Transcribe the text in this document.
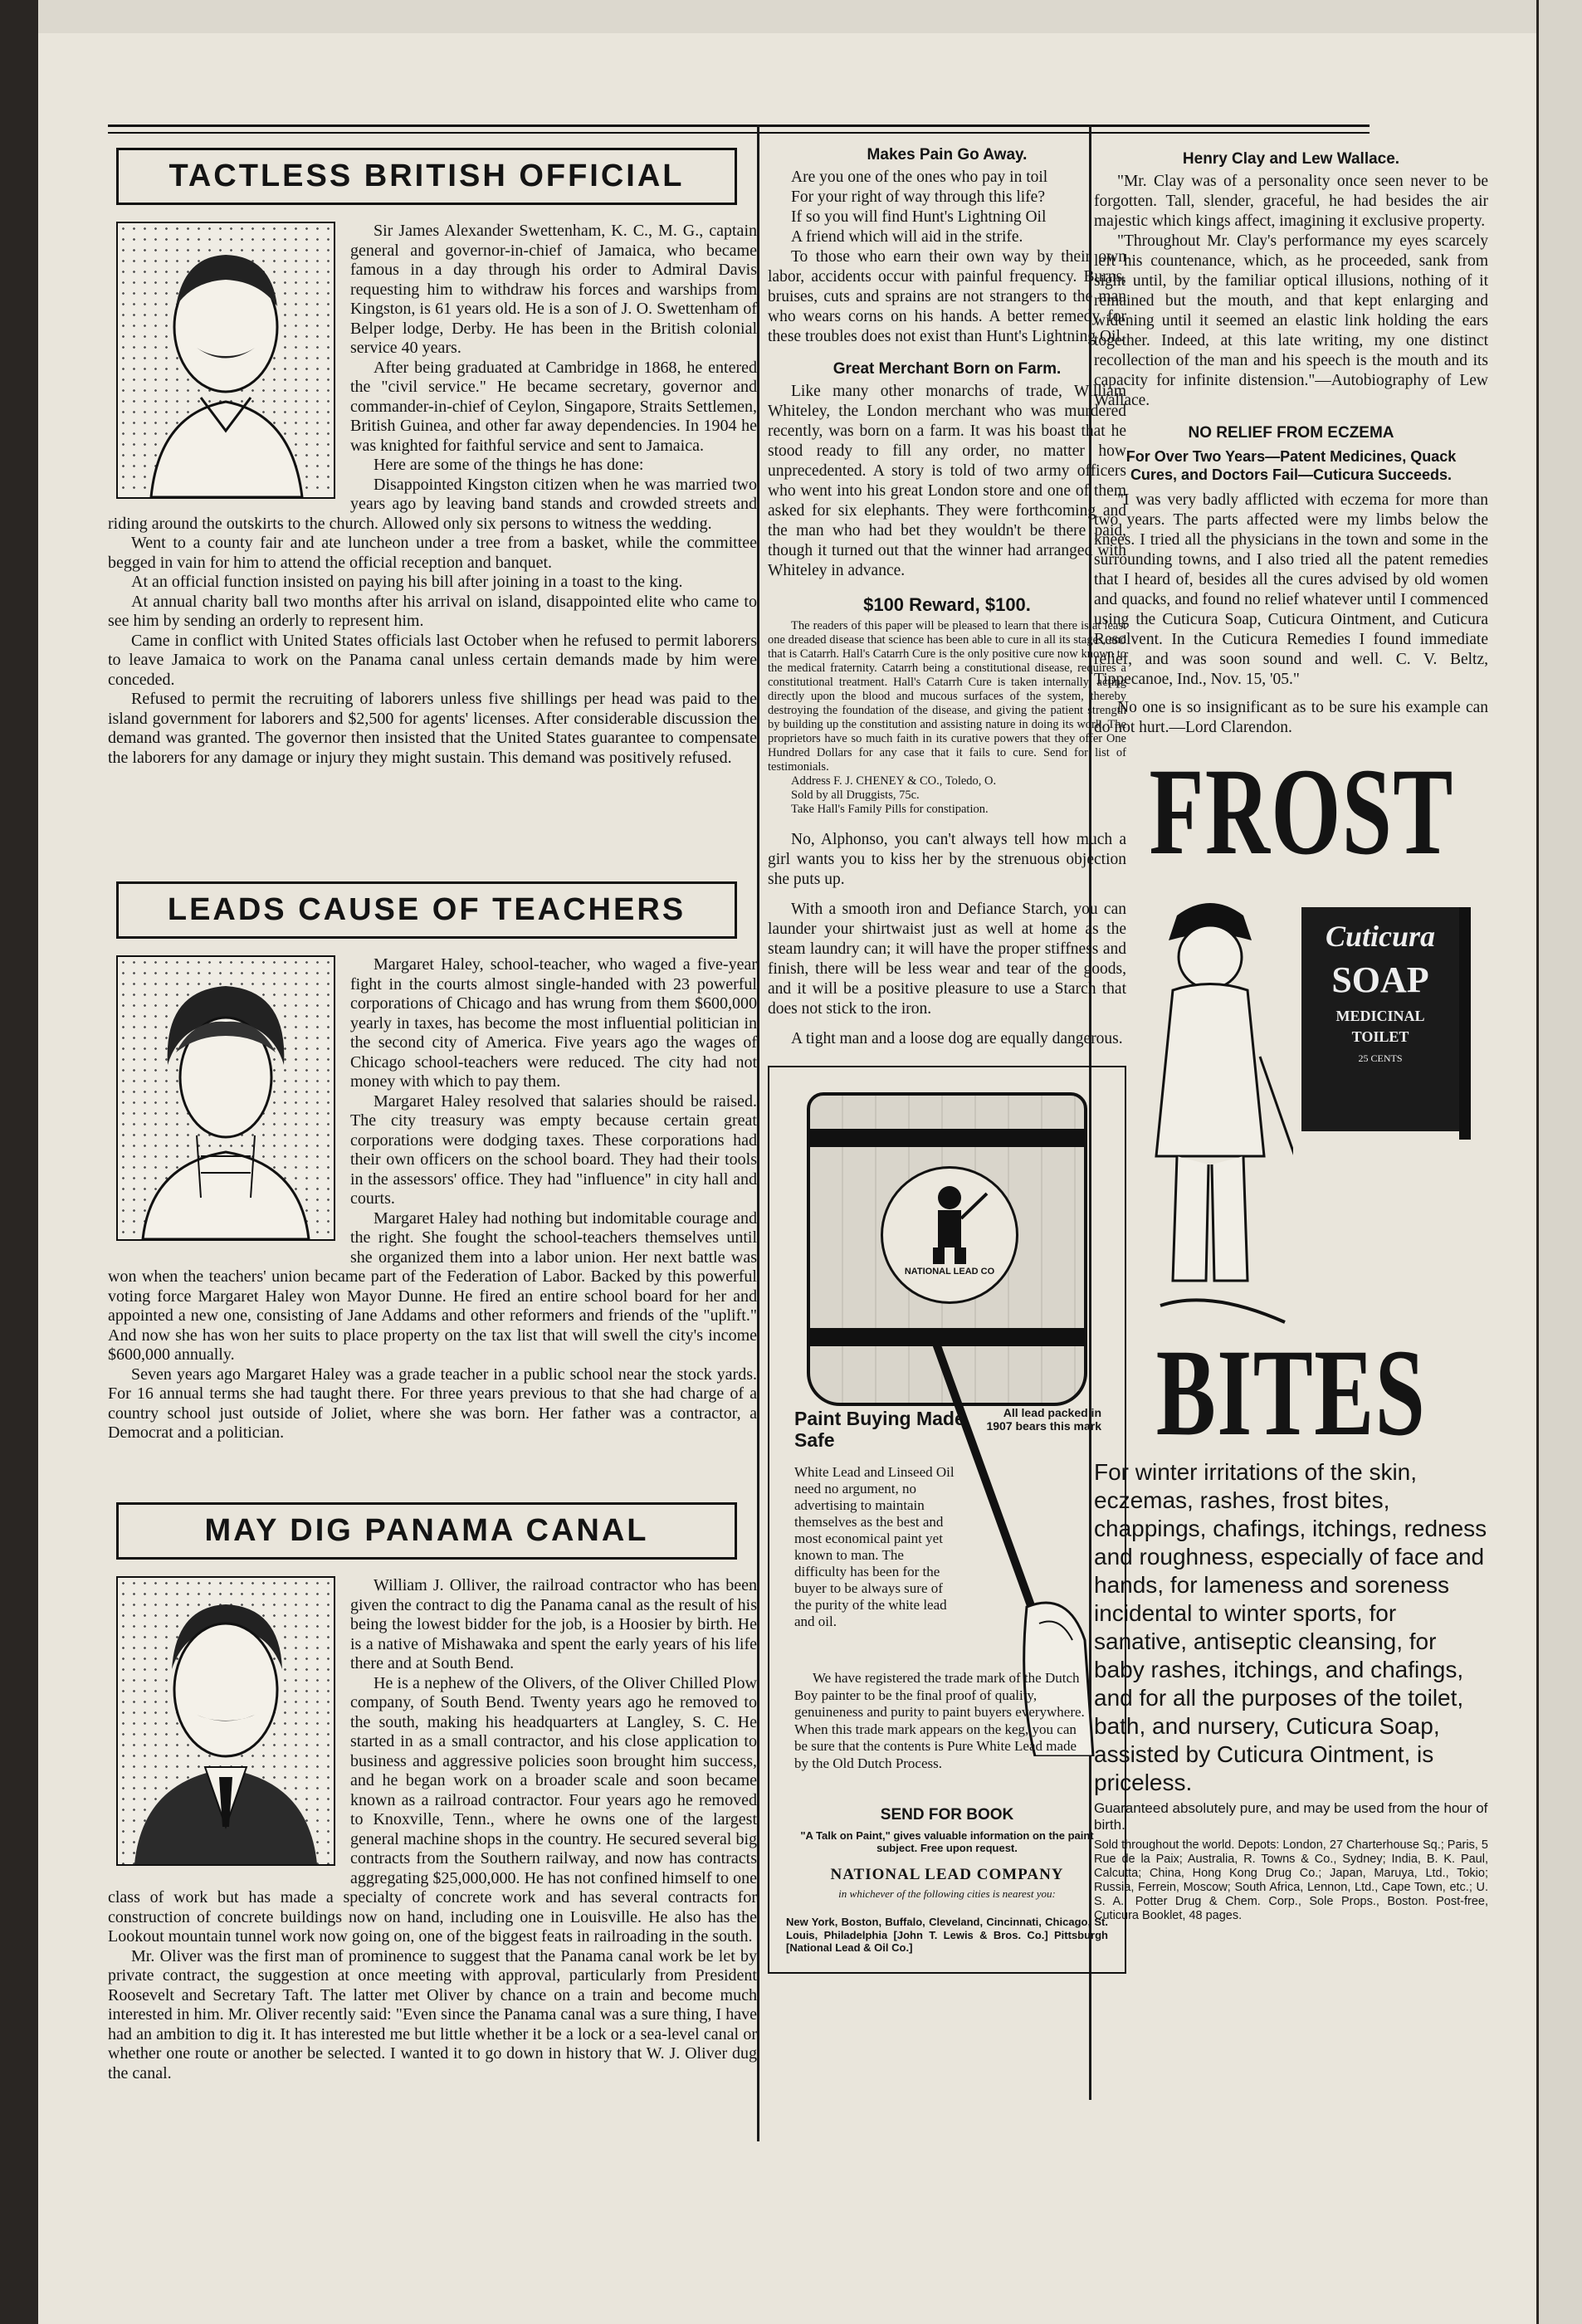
TACTLESS BRITISH OFFICIAL

Sir James Alexander Swettenham, K. C., M. G., captain general and governor-in-chief of Jamaica, who became famous in a day through his order to Admiral Davis requesting him to withdraw his forces and warships from Kingston, is 61 years old. He is a son of J. O. Swettenham of Belper lodge, Derby. He has been in the British colonial service 40 years.

After being graduated at Cambridge in 1868, he entered the "civil service." He became secretary, governor and commander-in-chief of Ceylon, Singapore, Straits Settlemen, British Guinea, and other far away dependencies. In 1904 he was knighted for faithful service and sent to Jamaica.

Here are some of the things he has done:

Disappointed Kingston citizen when he was married two years ago by leaving band stands and crowded streets and riding around the outskirts to the church. Allowed only six persons to witness the wedding.

Went to a county fair and ate luncheon under a tree from a basket, while the committee begged in vain for him to attend the official reception and banquet.

At an official function insisted on paying his bill after joining in a toast to the king.

At annual charity ball two months after his arrival on island, disappointed elite who came to see him by sending an orderly to represent him.

Came in conflict with United States officials last October when he refused to permit laborers to leave Jamaica to work on the Panama canal unless certain demands made by him were conceded.

Refused to permit the recruiting of laborers unless five shillings per head was paid to the island government for laborers and $2,500 for agents' licenses. After considerable discussion the demand was granted. The governor then insisted that the United States guarantee to compensate the laborers for any damage or injury they might sustain. This demand was positively refused.

LEADS CAUSE OF TEACHERS

Margaret Haley, school-teacher, who waged a five-year fight in the courts almost single-handed with 23 powerful corporations of Chicago and has wrung from them $600,000 yearly in taxes, has become the most influential politician in the second city of America. Five years ago the wages of Chicago school-teachers were reduced. The city had not money with which to pay them.

Margaret Haley resolved that salaries should be raised. The city treasury was empty because certain great corporations were dodging taxes. These corporations had their own officers on the school board. They had their tools in the assessors' office. They had "influence" in city hall and courts.

Margaret Haley had nothing but indomitable courage and the right. She fought the school-teachers themselves until she organized them into a labor union. Her next battle was won when the teachers' union became part of the Federation of Labor. Backed by this powerful voting force Margaret Haley won Mayor Dunne. He fired an entire school board for her and appointed a new one, consisting of Jane Addams and other reformers and friends of the "uplift." And now she has won her suits to place property on the tax list that will swell the city's income $600,000 annually.

Seven years ago Margaret Haley was a grade teacher in a public school near the stock yards. For 16 annual terms she had taught there. For three years previous to that she had charge of a country school just outside of Joliet, where she was born. Her father was a contractor, a Democrat and a politician.

MAY DIG PANAMA CANAL

William J. Olliver, the railroad contractor who has been given the contract to dig the Panama canal as the result of his being the lowest bidder for the job, is a Hoosier by birth. He is a native of Mishawaka and spent the early years of his life there and at South Bend.

He is a nephew of the Olivers, of the Oliver Chilled Plow company, of South Bend. Twenty years ago he removed to the south, making his headquarters at Langley, S. C. He started in as a small contractor, and his close application to business and aggressive policies soon brought him success, and he began work on a broader scale and soon became known as a railroad contractor. Four years ago he removed to Knoxville, Tenn., where he owns one of the largest general machine shops in the country. He secured several big contracts from the Southern railway, and now has contracts aggregating $25,000,000. He has not confined himself to one class of work but has made a specialty of concrete work and has several contracts for construction of concrete buildings now on hand, including one in Louisville. He also has the Lookout mountain tunnel work now going on, one of the biggest feats in railroading in the south.

Mr. Oliver was the first man of prominence to suggest that the Panama canal work be let by private contract, the suggestion at once meeting with approval, particularly from President Roosevelt and Secretary Taft. The latter met Oliver by chance on a train and become much interested in him. Mr. Oliver recently said: "Even since the Panama canal was a sure thing, I have had an ambition to dig it. It has interested me but little whether it be a lock or a sea-level canal or whether one route or another be selected. I wanted it to go down in history that W. J. Oliver dug the canal.

Makes Pain Go Away.

Are you one of the ones who pay in toil

For your right of way through this life?

If so you will find Hunt's Lightning Oil

A friend which will aid in the strife.

To those who earn their own way by their own labor, accidents occur with painful frequency. Burns, bruises, cuts and sprains are not strangers to the man who wears corns on his hands. A better remedy for these troubles does not exist than Hunt's Lightning Oil.

Great Merchant Born on Farm.

Like many other monarchs of trade, William Whiteley, the London merchant who was murdered recently, was born on a farm. It was his boast that he stood ready to fill any order, no matter how unprecedented. A story is told of two army officers who went into his great London store and one of them asked for six elephants. They were forthcoming and the man who had bet they wouldn't be there paid, though it turned out that the winner had arranged with Whiteley in advance.

$100 Reward, $100.

The readers of this paper will be pleased to learn that there is at least one dreaded disease that science has been able to cure in all its stages, and that is Catarrh. Hall's Catarrh Cure is the only positive cure now known to the medical fraternity. Catarrh being a constitutional disease, requires a constitutional treatment. Hall's Catarrh Cure is taken internally, acting directly upon the blood and mucous surfaces of the system, thereby destroying the foundation of the disease, and giving the patient strength by building up the constitution and assisting nature in doing its work. The proprietors have so much faith in its curative powers that they offer One Hundred Dollars for any case that it fails to cure. Send for list of testimonials.

Address F. J. CHENEY & CO., Toledo, O.

Sold by all Druggists, 75c.

Take Hall's Family Pills for constipation.

No, Alphonso, you can't always tell how much a girl wants you to kiss her by the strenuous objection she puts up.

With a smooth iron and Defiance Starch, you can launder your shirtwaist just as well at home as the steam laundry can; it will have the proper stiffness and finish, there will be less wear and tear of the goods, and it will be a positive pleasure to use a Starch that does not stick to the iron.

A tight man and a loose dog are equally dangerous.

NATIONAL LEAD CO
All lead packed in 1907 bears this mark
Paint Buying Made Safe
White Lead and Linseed Oil need no argument, no advertising to maintain themselves as the best and most economical paint yet known to man. The difficulty has been for the buyer to be always sure of the purity of the white lead and oil.
We have registered the trade mark of the Dutch Boy painter to be the final proof of quality, genuineness and purity to paint buyers everywhere. When this trade mark appears on the keg, you can be sure that the contents is Pure White Lead made by the Old Dutch Process.
SEND FOR BOOK
"A Talk on Paint," gives valuable information on the paint subject. Free upon request.
NATIONAL LEAD COMPANY
in whichever of the following cities is nearest you:
New York, Boston, Buffalo, Cleveland, Cincinnati, Chicago, St. Louis, Philadelphia [John T. Lewis & Bros. Co.] Pittsburgh [National Lead & Oil Co.]
Henry Clay and Lew Wallace.

"Mr. Clay was of a personality once seen never to be forgotten. Tall, slender, graceful, he had besides the air majestic which kings affect, imagining it exclusive property.

"Throughout Mr. Clay's performance my eyes scarcely left his countenance, which, as he proceeded, sank from sight until, by the familiar optical illusions, nothing of it remained but the mouth, and that kept enlarging and widening until it seemed an elastic link holding the ears together. Indeed, at this late writing, my one distinct recollection of the man and his speech is the mouth and its capacity for infinite distension."—Autobiography of Lew Wallace.

NO RELIEF FROM ECZEMA
For Over Two Years—Patent Medicines, Quack Cures, and Doctors Fail—Cuticura Succeeds.

"I was very badly afflicted with eczema for more than two years. The parts affected were my limbs below the knees. I tried all the physicians in the town and some in the surrounding towns, and I also tried all the patent remedies that I heard of, besides all the cures advised by old women and quacks, and found no relief whatever until I commenced using the Cuticura Soap, Cuticura Ointment, and Cuticura Resolvent. In the Cuticura Remedies I found immediate relief, and was soon sound and well. C. V. Beltz, Tippecanoe, Ind., Nov. 15, '05."

No one is so insignificant as to be sure his example can do not hurt.—Lord Clarendon.

FROST
Cuticura
SOAP
MEDICINAL
TOILET
25 CENTS
BITES
For winter irritations of the skin, eczemas, rashes, frost bites, chappings, chafings, itchings, redness and roughness, especially of face and hands, for lameness and soreness incidental to winter sports, for sanative, antiseptic cleansing, for baby rashes, itchings, and chafings, and for all the purposes of the toilet, bath, and nursery, Cuticura Soap, assisted by Cuticura Ointment, is priceless.
Guaranteed absolutely pure, and may be used from the hour of birth.
Sold throughout the world. Depots: London, 27 Charterhouse Sq.; Paris, 5 Rue de la Paix; Australia, R. Towns & Co., Sydney; India, B. K. Paul, Calcutta; China, Hong Kong Drug Co.; Japan, Maruya, Ltd., Tokio; Russia, Ferrein, Moscow; South Africa, Lennon, Ltd., Cape Town, etc.; U. S. A., Potter Drug & Chem. Corp., Sole Props., Boston. Post-free, Cuticura Booklet, 48 pages.
